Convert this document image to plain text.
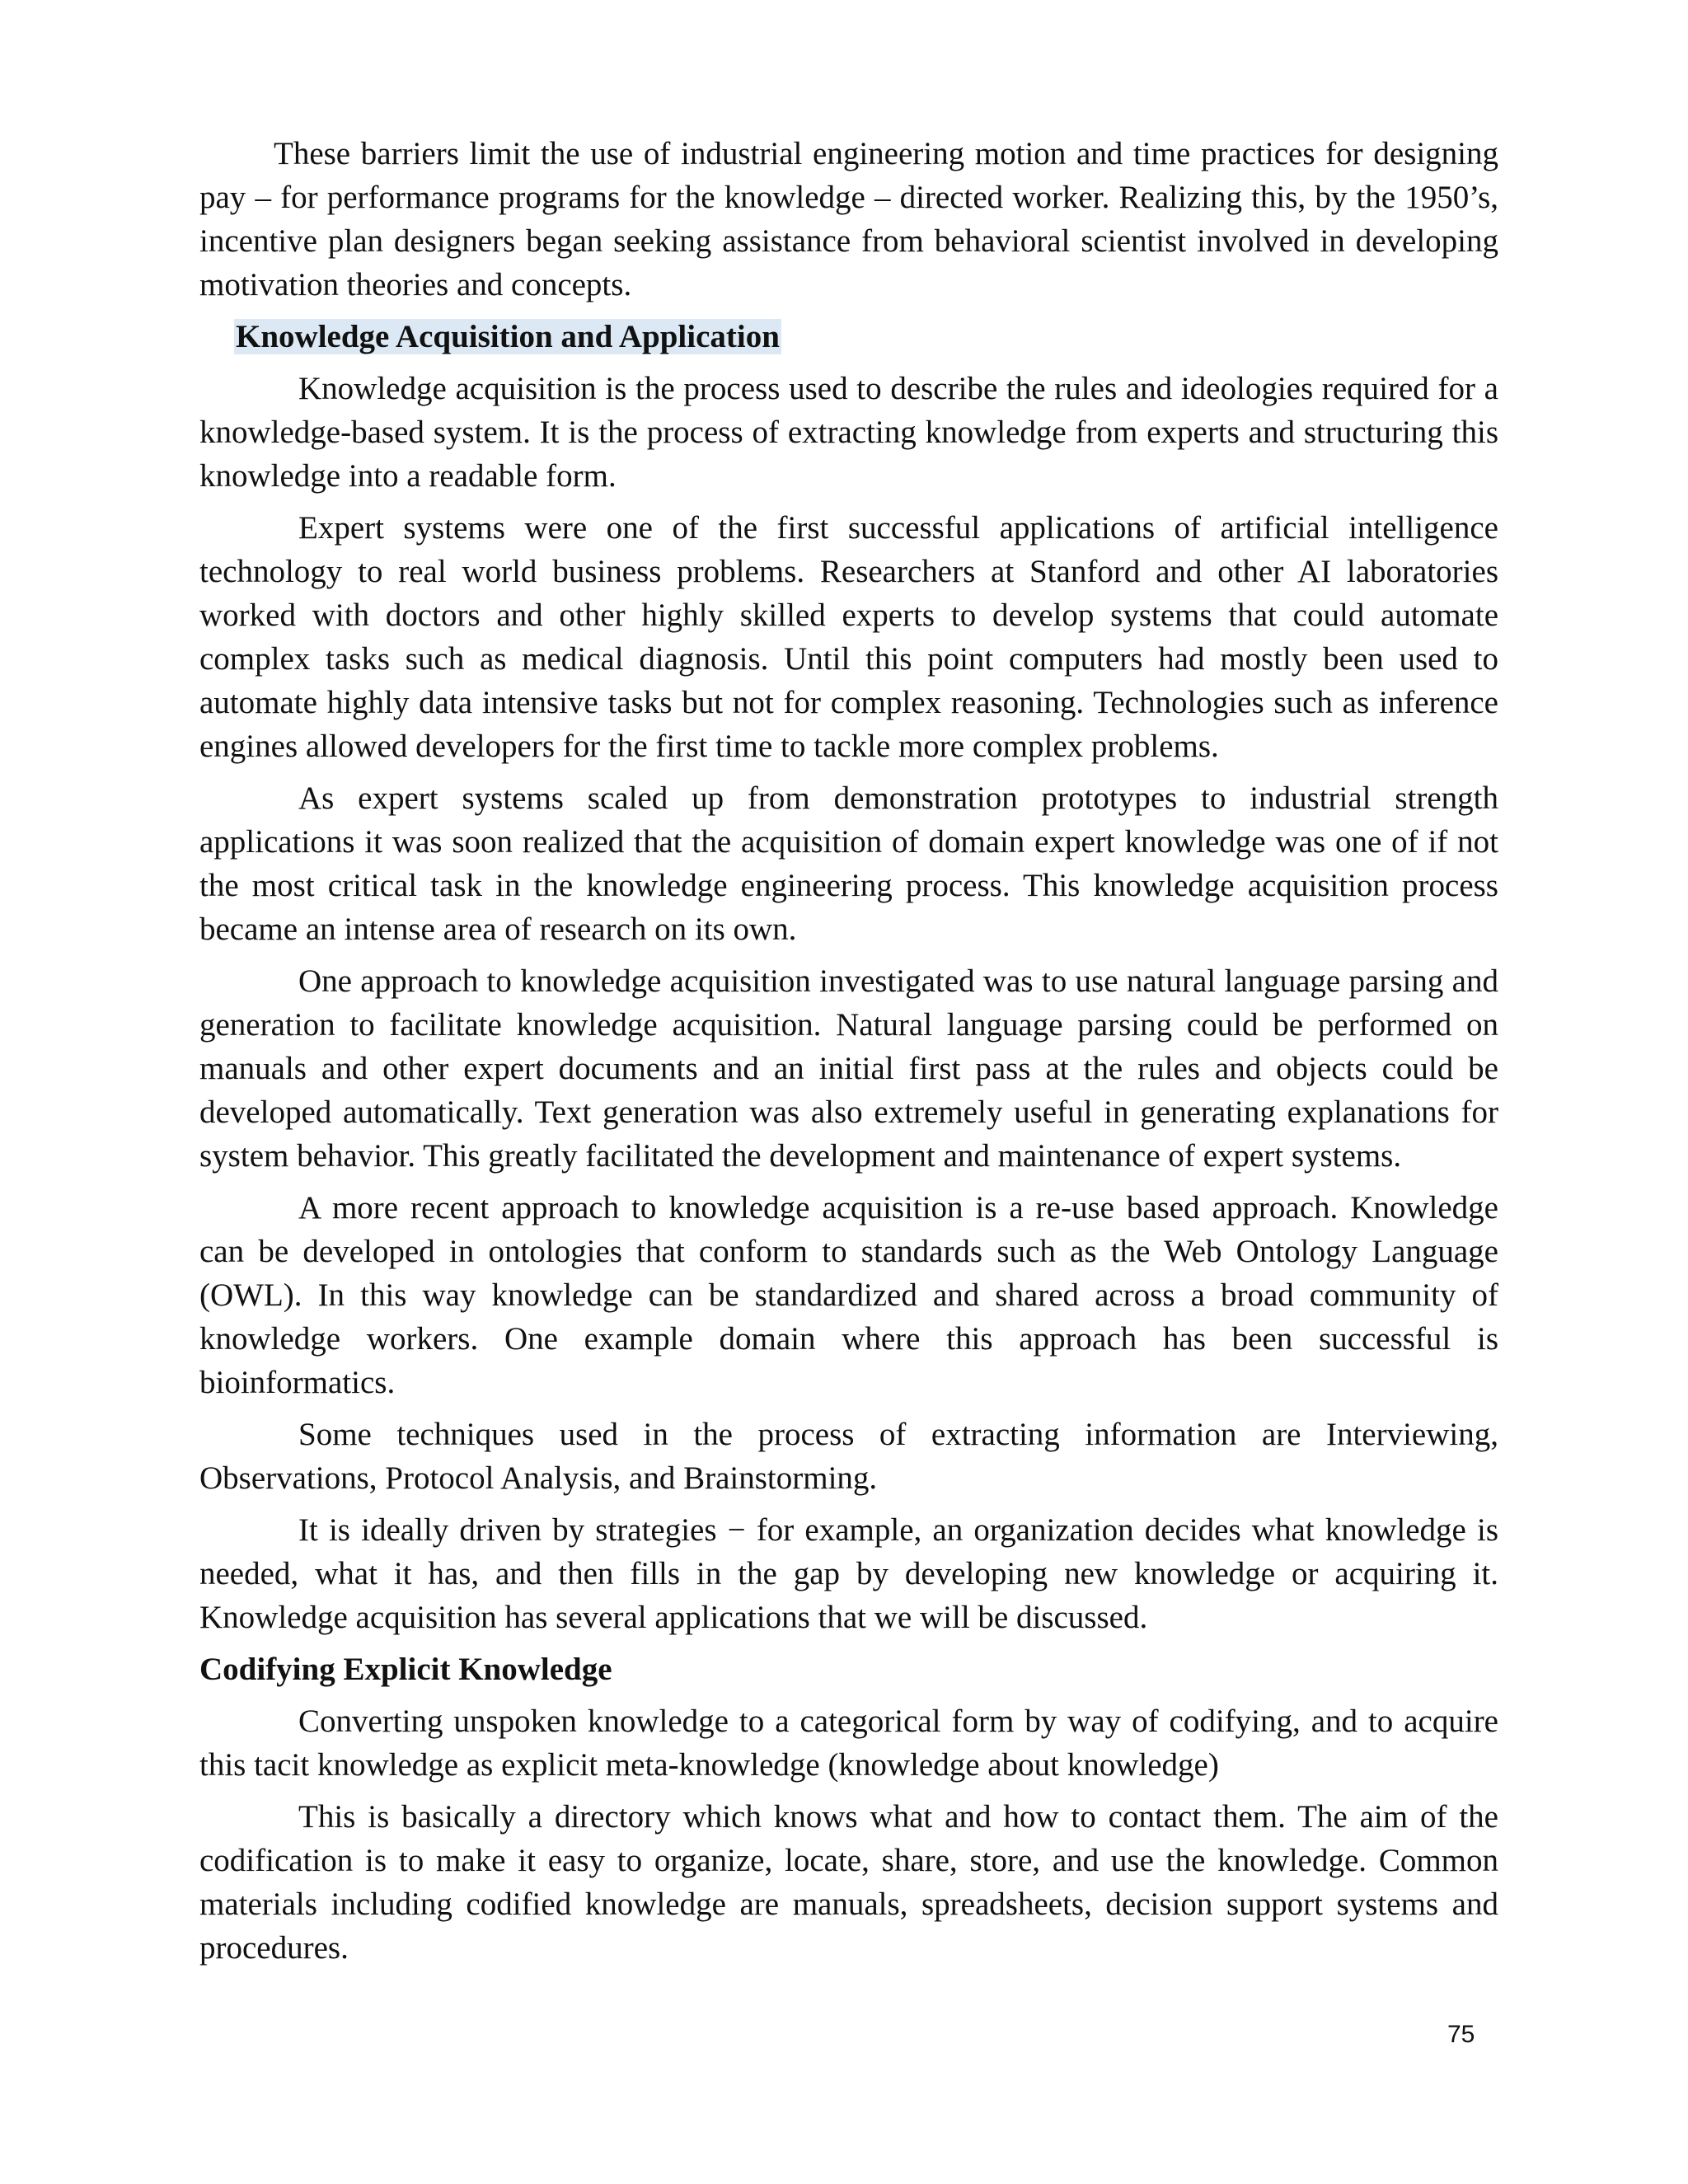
These barriers limit the use of industrial engineering motion and time practices for designing pay – for performance programs for the knowledge – directed worker. Realizing this, by the 1950’s, incentive plan designers began seeking assistance from behavioral scientist involved in developing motivation theories and concepts.

Knowledge Acquisition and Application

Knowledge acquisition is the process used to describe the rules and ideologies required for a knowledge-based system. It is the process of extracting knowledge from experts and structuring this knowledge into a readable form.

Expert systems were one of the first successful applications of artificial intelligence technology to real world business problems. Researchers at Stanford and other AI laboratories worked with doctors and other highly skilled experts to develop systems that could automate complex tasks such as medical diagnosis. Until this point computers had mostly been used to automate highly data intensive tasks but not for complex reasoning. Technologies such as inference engines allowed developers for the first time to tackle more complex problems.

As expert systems scaled up from demonstration prototypes to industrial strength applications it was soon realized that the acquisition of domain expert knowledge was one of if not the most critical task in the knowledge engineering process. This knowledge acquisition process became an intense area of research on its own.

One approach to knowledge acquisition investigated was to use natural language parsing and generation to facilitate knowledge acquisition. Natural language parsing could be performed on manuals and other expert documents and an initial first pass at the rules and objects could be developed automatically. Text generation was also extremely useful in generating explanations for system behavior. This greatly facilitated the development and maintenance of expert systems.

A more recent approach to knowledge acquisition is a re-use based approach. Knowledge can be developed in ontologies that conform to standards such as the Web Ontology Language (OWL). In this way knowledge can be standardized and shared across a broad community of knowledge workers. One example domain where this approach has been successful is bioinformatics.

Some techniques used in the process of extracting information are Interviewing, Observations, Protocol Analysis, and Brainstorming.

It is ideally driven by strategies − for example, an organization decides what knowledge is needed, what it has, and then fills in the gap by developing new knowledge or acquiring it. Knowledge acquisition has several applications that we will be discussed.

Codifying Explicit Knowledge

Converting unspoken knowledge to a categorical form by way of codifying, and to acquire this tacit knowledge as explicit meta-knowledge (knowledge about knowledge)

This is basically a directory which knows what and how to contact them. The aim of the codification is to make it easy to organize, locate, share, store, and use the knowledge. Common materials including codified knowledge are manuals, spreadsheets, decision support systems and procedures.

75
